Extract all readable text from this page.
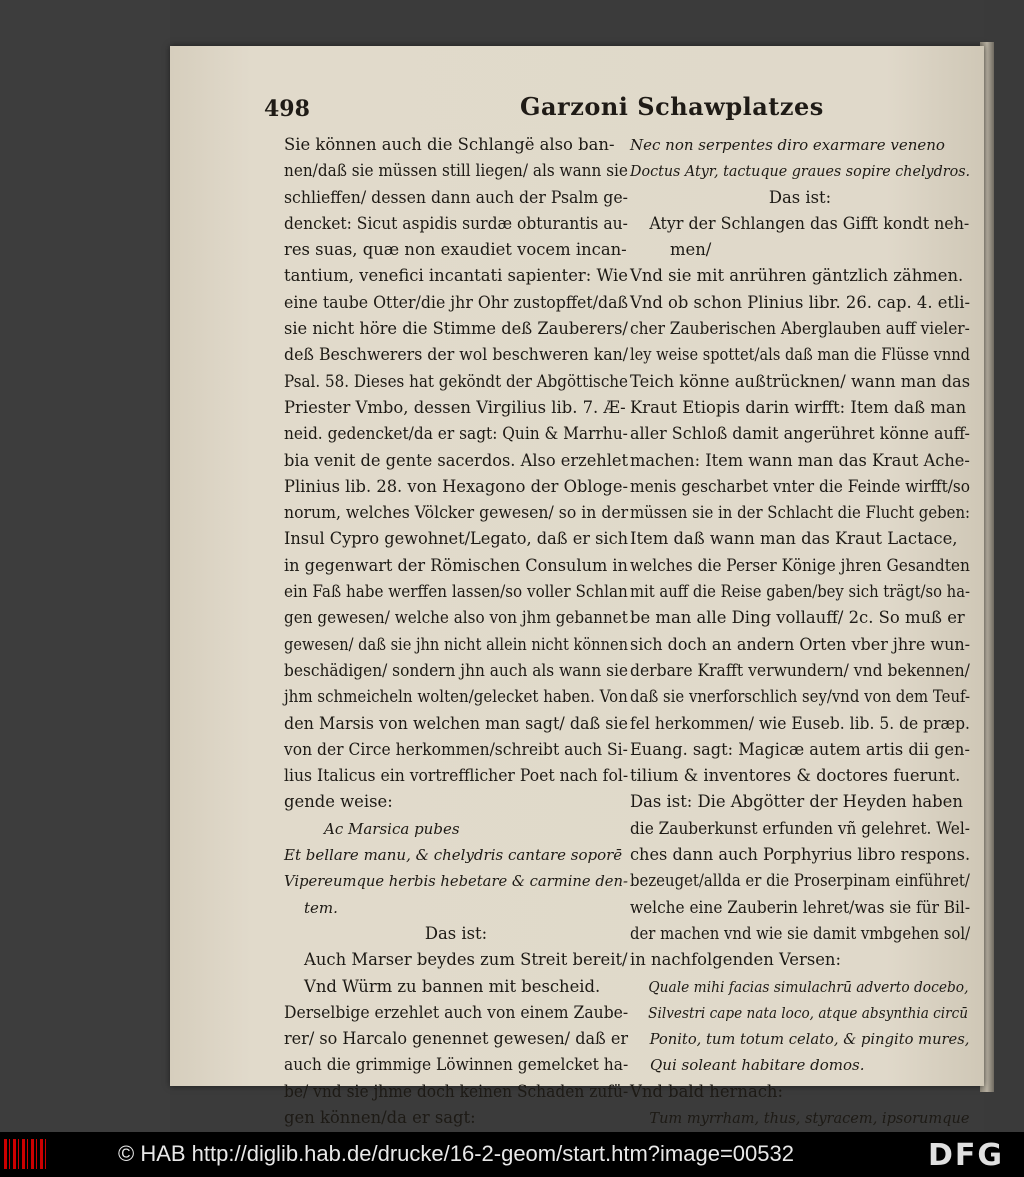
498	Garzoni Schawplatzes
Sie können auch die Schlangë also ban-
nen/daß sie müssen still liegen/ als wann sie
schlieffen/ dessen dann auch der Psalm ge-
dencket: Sicut aspidis surdæ obturantis au-
res suas, quæ non exaudiet vocem incan-
tantium, venefici incantati sapienter: Wie
eine taube Otter/die jhr Ohr zustopffet/daß
sie nicht höre die Stimme deß Zauberers/
deß Beschwerers der wol beschweren kan/
Psal. 58. Dieses hat geköndt der Abgöttische
Priester Vmbo, dessen Virgilius lib. 7. Æ-
neid. gedencket/da er sagt: Quin & Marrhu-
bia venit de gente sacerdos. Also erzehlet
Plinius lib. 28. von Hexagono der Obloge-
norum, welches Völcker gewesen/ so in der
Insul Cypro gewohnet/Legato, daß er sich
in gegenwart der Römischen Consulum in
ein Faß habe werffen lassen/so voller Schlan
gen gewesen/ welche also von jhm gebannet
gewesen/ daß sie jhn nicht allein nicht können
beschädigen/ sondern jhn auch als wann sie
jhm schmeicheln wolten/gelecket haben. Von
den Marsis von welchen man sagt/ daß sie
von der Circe herkommen/schreibt auch Si-
lius Italicus ein vortrefflicher Poet nach fol-
gende weise:
Ac Marsica pubes
Et bellare manu, & chelydris cantare soporē
Vipereumque herbis hebetare & carmine den-
tem.
Das ist:
Auch Marser beydes zum Streit bereit/
Vnd Würm zu bannen mit bescheid.
Derselbige erzehlet auch von einem Zaube-
rer/ so Harcalo genennet gewesen/ daß er
auch die grimmige Löwinnen gemelcket ha-
be/ vnd sie jhme doch keinen Schaden zufü-
gen können/da er sagt:
Nec non serpentes diro exarmare veneno
Doctus Atyr, tactuque graues sopire chelydros.
Das ist:
Atyr der Schlangen das Gifft kondt neh-
men/
Vnd sie mit anrühren gäntzlich zähmen.
Vnd ob schon Plinius libr. 26. cap. 4. etli-
cher Zauberischen Aberglauben auff vieler-
ley weise spottet/als daß man die Flüsse vnnd
Teich könne außtrücknen/ wann man das
Kraut Etiopis darin wirfft: Item daß man
aller Schloß damit angerühret könne auff-
machen: Item wann man das Kraut Ache-
menis gescharbet vnter die Feinde wirfft/so
müssen sie in der Schlacht die Flucht geben:
Item daß wann man das Kraut Lactace,
welches die Perser Könige jhren Gesandten
mit auff die Reise gaben/bey sich trägt/so ha-
be man alle Ding vollauff/ 2c. So muß er
sich doch an andern Orten vber jhre wun-
derbare Krafft verwundern/ vnd bekennen/
daß sie vnerforschlich sey/vnd von dem Teuf-
fel herkommen/ wie Euseb. lib. 5. de præp.
Euang. sagt: Magicæ autem artis dii gen-
tilium & inventores & doctores fuerunt.
Das ist: Die Abgötter der Heyden haben
die Zauberkunst erfunden vñ gelehret. Wel-
ches dann auch Porphyrius libro respons.
bezeuget/allda er die Proserpinam einführet/
welche eine Zauberin lehret/was sie für Bil-
der machen vnd wie sie damit vmbgehen sol/
in nachfolgenden Versen:
Quale mihi facias simulachrū adverto docebo,
Silvestri cape nata loco, atque absynthia circū
Ponito, tum totum celato, & pingito mures,
Qui soleant habitare domos.
Vnd bald hernach:
Tum myrrham, thus, styracem, ipsorumque
© HAB http://diglib.hab.de/drucke/16-2-geom/start.htm?image=00532	DFG
